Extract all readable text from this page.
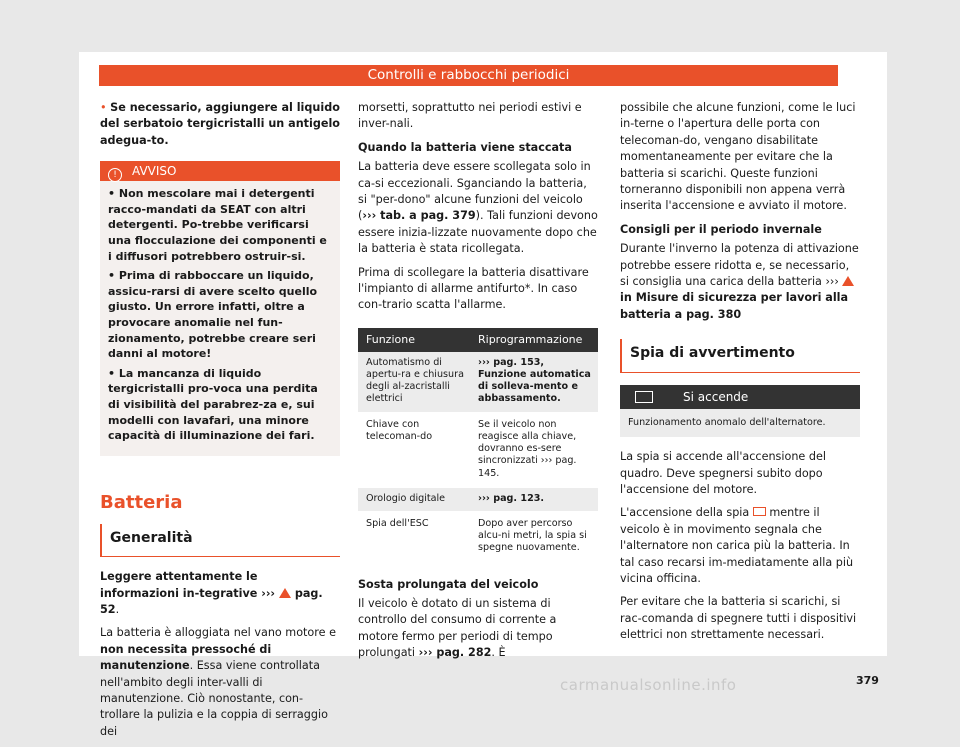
Controlli e rabbocchi periodici

• Se necessario, aggiungere al liquido del serbatoio tergicristalli un antigelo adegua-to.

! AVVISO

• Non mescolare mai i detergenti racco-mandati da SEAT con altri detergenti. Po-trebbe verificarsi una flocculazione dei componenti e i diffusori potrebbero ostruir-si.

• Prima di rabboccare un liquido, assicu-rarsi di avere scelto quello giusto. Un errore infatti, oltre a provocare anomalie nel fun-zionamento, potrebbe creare seri danni al motore!

• La mancanza di liquido tergicristalli pro-voca una perdita di visibilità del parabrez-za e, sui modelli con lavafari, una minore capacità di illuminazione dei fari.

Batteria
Generalità

Leggere attentamente le informazioni in-tegrative ›››  pag. 52.

La batteria è alloggiata nel vano motore e non necessita pressoché di manutenzione. Essa viene controllata nell'ambito degli inter-valli di manutenzione. Ciò nonostante, con-trollare la pulizia e la coppia di serraggio dei

morsetti, soprattutto nei periodi estivi e inver-nali.

Quando la batteria viene staccata

La batteria deve essere scollegata solo in ca-si eccezionali. Sganciando la batteria, si "per-dono" alcune funzioni del veicolo (››› tab. a pag. 379). Tali funzioni devono essere inizia-lizzate nuovamente dopo che la batteria è stata ricollegata.

Prima di scollegare la batteria disattivare l'impianto di allarme antifurto*. In caso con-trario scatta l'allarme.

Funzione	Riprogrammazione
Automatismo di apertu-ra e chiusura degli al-zacristalli elettrici	››› pag. 153, Funzione automatica di solleva-mento e abbassamento.
Chiave con telecoman-do	Se il veicolo non reagisce alla chiave, dovranno es-sere sincronizzati ››› pag. 145.
Orologio digitale	››› pag. 123.
Spia dell'ESC	Dopo aver percorso alcu-ni metri, la spia si spegne nuovamente.
Sosta prolungata del veicolo

Il veicolo è dotato di un sistema di controllo del consumo di corrente a motore fermo per periodi di tempo prolungati ››› pag. 282. È

possibile che alcune funzioni, come le luci in-terne o l'apertura delle porta con telecoman-do, vengano disabilitate momentaneamente per evitare che la batteria si scarichi. Queste funzioni torneranno disponibili non appena verrà inserita l'accensione e avviato il motore.

Consigli per il periodo invernale

Durante l'inverno la potenza di attivazione potrebbe essere ridotta e, se necessario, si consiglia una carica della batteria ›››  in Misure di sicurezza per lavori alla batteria a pag. 380

Spia di avvertimento
Si accende
Funzionamento anomalo dell'alternatore.

La spia si accende all'accensione del quadro. Deve spegnersi subito dopo l'accensione del motore.

L'accensione della spia  mentre il veicolo è in movimento segnala che l'alternatore non carica più la batteria. In tal caso recarsi im-mediatamente alla più vicina officina.

Per evitare che la batteria si scarichi, si rac-comanda di spegnere tutti i dispositivi elettrici non strettamente necessari.

379
carmanualsonline.info
